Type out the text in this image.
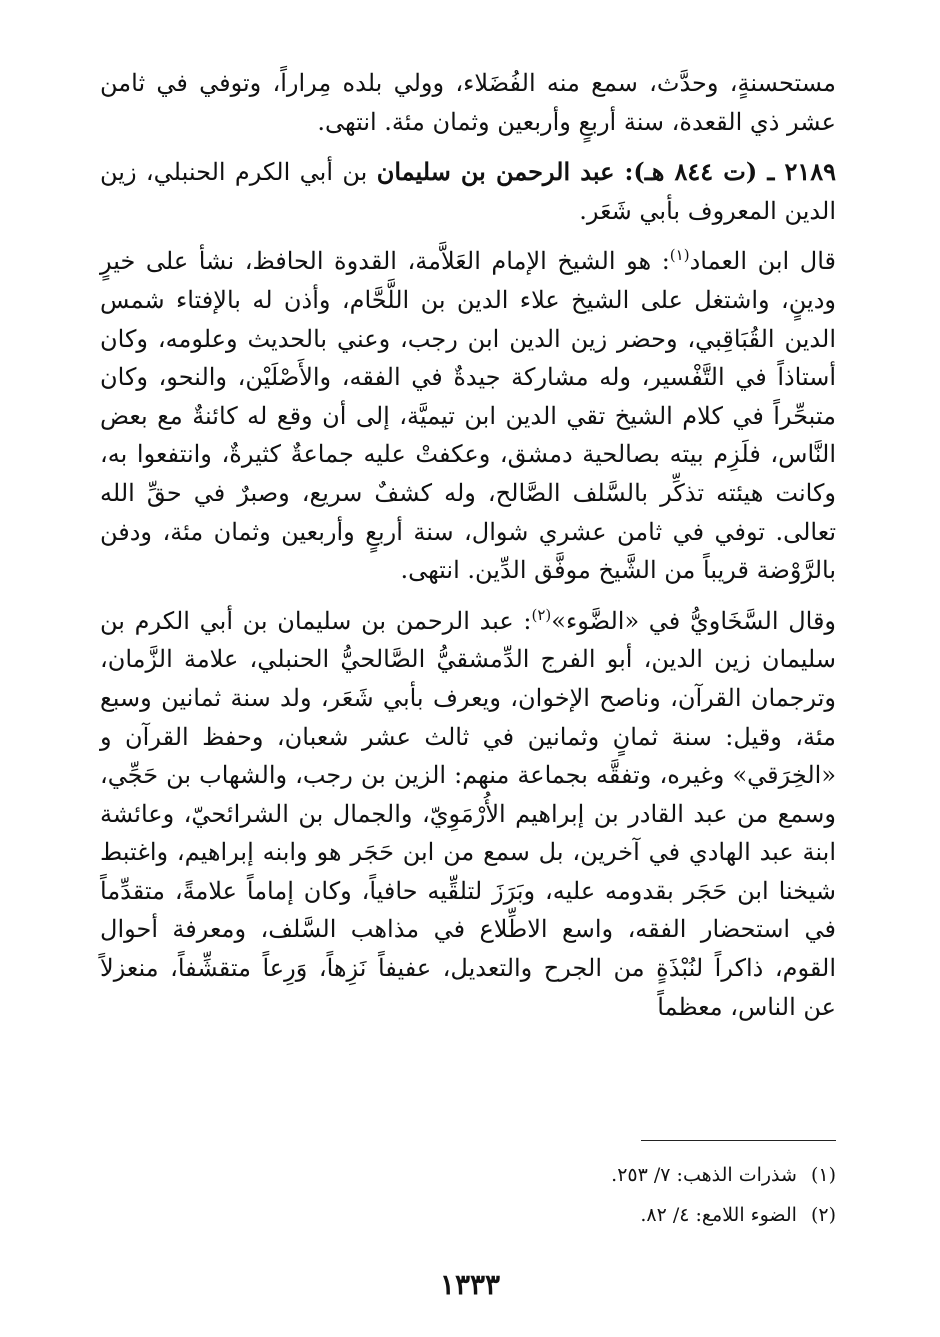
مستحسنةٍ، وحدَّث، سمع منه الفُضَلاء، وولي بلده مِراراً، وتوفي في ثامن عشر ذي القعدة، سنة أربعٍ وأربعين وثمان مئة. انتهى.

٢١٨٩ ـ (ت ٨٤٤ هـ): عبد الرحمن بن سليمان بن أبي الكرم الحنبلي، زين الدين المعروف بأبي شَعَر.

قال ابن العماد$^{(١)}$: هو الشيخ الإمام العَلاَّمة، القدوة الحافظ، نشأ على خيرٍ ودينٍ، واشتغل على الشيخ علاء الدين بن اللَّحَّام، وأذن له بالإفتاء شمس الدين القُبَاقِبي، وحضر زين الدين ابن رجب، وعني بالحديث وعلومه، وكان أستاذاً في التَّفْسير، وله مشاركة جيدةٌ في الفقه، والأَصْلَيْن، والنحو، وكان متبحِّراً في كلام الشيخ تقي الدين ابن تيميَّة، إلى أن وقع له كائنةٌ مع بعض النَّاس، فلَزِم بيته بصالحية دمشق، وعكفتْ عليه جماعةٌ كثيرةٌ، وانتفعوا به، وكانت هيئته تذكِّر بالسَّلف الصَّالح، وله كشفٌ سريع، وصبرٌ في حقِّ الله تعالى. توفي في ثامن عشري شوال، سنة أربعٍ وأربعين وثمان مئة، ودفن بالرَّوْضة قريباً من الشَّيخ موفَّق الدِّين. انتهى.

وقال السَّخَاويُّ في «الضَّوء»$^{(٢)}$: عبد الرحمن بن سليمان بن أبي الكرم بن سليمان زين الدين، أبو الفرج الدِّمشقيُّ الصَّالحيُّ الحنبلي، علامة الزَّمان، وترجمان القرآن، وناصح الإخوان، ويعرف بأبي شَعَر، ولد سنة ثمانين وسبع مئة، وقيل: سنة ثمانٍ وثمانين في ثالث عشر شعبان، وحفظ القرآن و «الخِرَقي» وغيره، وتفقَّه بجماعة منهم: الزين بن رجب، والشهاب بن حَجِّي، وسمع من عبد القادر بن إبراهيم الأُرْمَوِيّ، والجمال بن الشرائحيّ، وعائشة ابنة عبد الهادي في آخرين، بل سمع من ابن حَجَر هو وابنه إبراهيم، واغتبط شيخنا ابن حَجَر بقدومه عليه، وبَرَزَ لتلقِّيه حافياً، وكان إماماً علامةً، متقدِّماً في استحضار الفقه، واسع الاطِّلاع في مذاهب السَّلف، ومعرفة أحوال القوم، ذاكراً لنُبْذَةٍ من الجرح والتعديل، عفيفاً نَزِهاً، وَرِعاً متقشِّفاً، منعزلاً عن الناس، معظماً

(١)شذرات الذهب: ٧/ ٢٥٣.

(٢)الضوء اللامع: ٤/ ٨٢.

١٣٣٣
